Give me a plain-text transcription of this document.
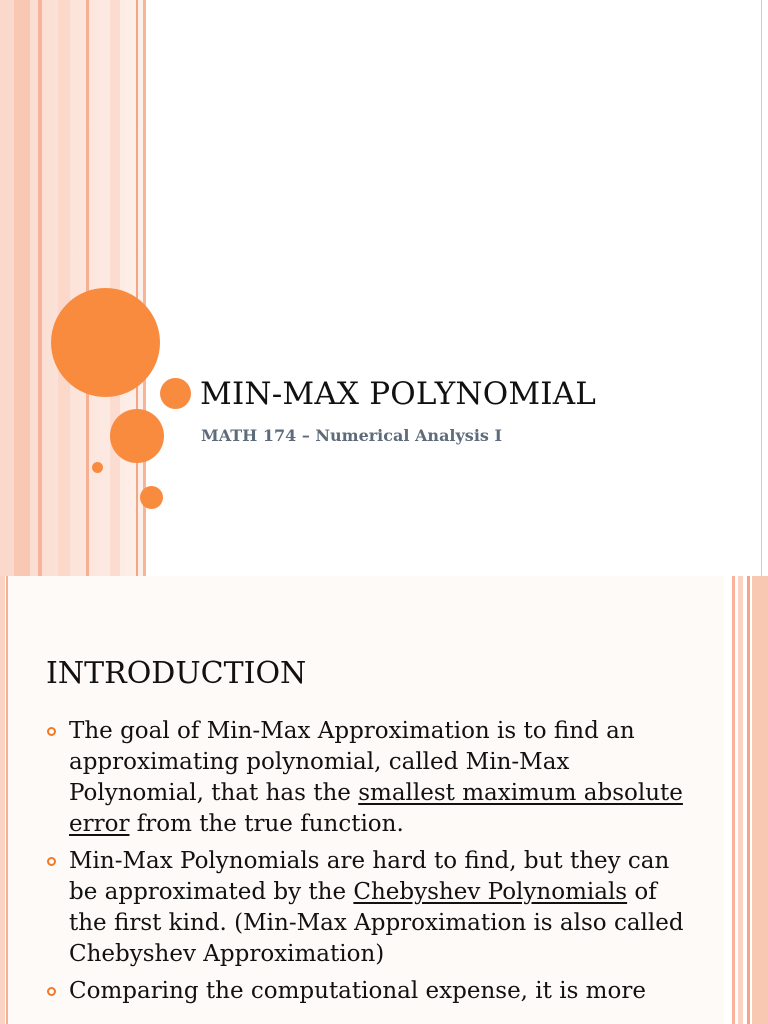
MIN-MAX POLYNOMIAL
MATH 174 – Numerical Analysis I
INTRODUCTION
The goal of Min-Max Approximation is to find an approximating polynomial, called Min-Max Polynomial, that has the smallest maximum absolute error from the true function.
Min-Max Polynomials are hard to find, but they can be approximated by the Chebyshev Polynomials of the first kind. (Min-Max Approximation is also called Chebyshev Approximation)
Comparing the computational expense, it is more
